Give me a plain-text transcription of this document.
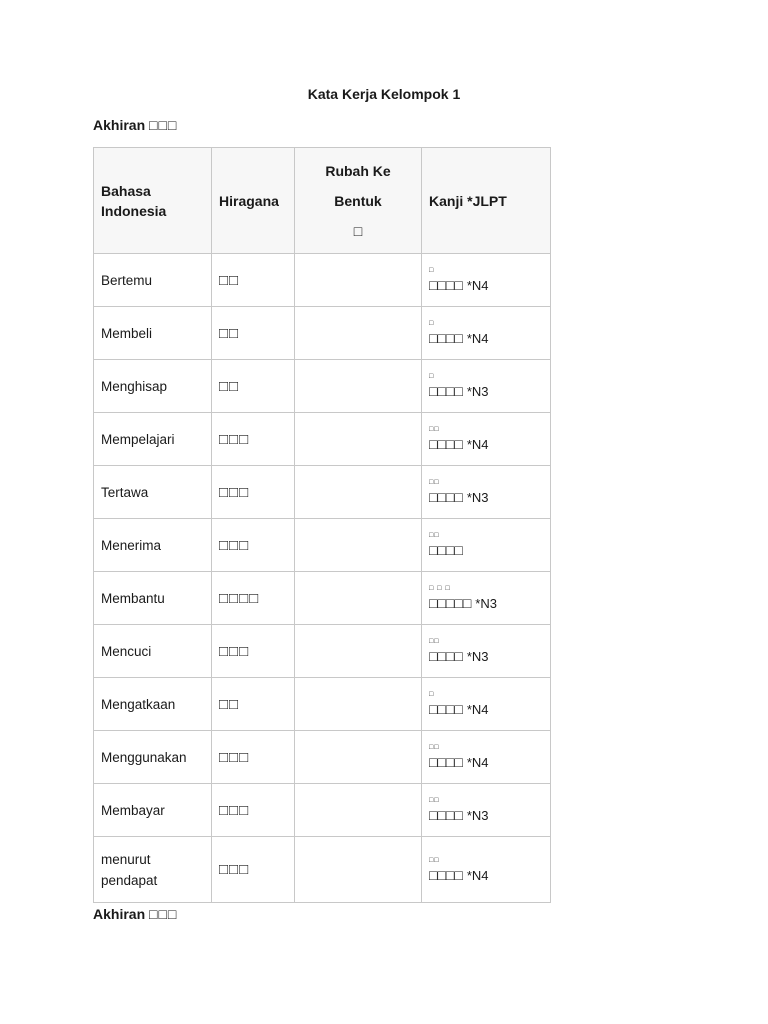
Kata Kerja Kelompok 1
Akhiran □□□
Bahasa Indonesia	Hiragana	Rubah Ke
Bentuk
□	Kanji *JLPT
Bertemu	□□		□
□□□□ *N4
Membeli	□□		□
□□□□ *N4
Menghisap	□□		□
□□□□ *N3
Mempelajari	□□□		□□
□□□□ *N4
Tertawa	□□□		□□
□□□□ *N3
Menerima	□□□		□□
□□□□
Membantu	□□□□		□ □ □
□□□□□ *N3
Mencuci	□□□		□□
□□□□ *N3
Mengatkaan	□□		□
□□□□ *N4
Menggunakan	□□□		□□
□□□□ *N4
Membayar	□□□		□□
□□□□ *N3
menurut pendapat	□□□		□□
□□□□ *N4
Akhiran □□□
